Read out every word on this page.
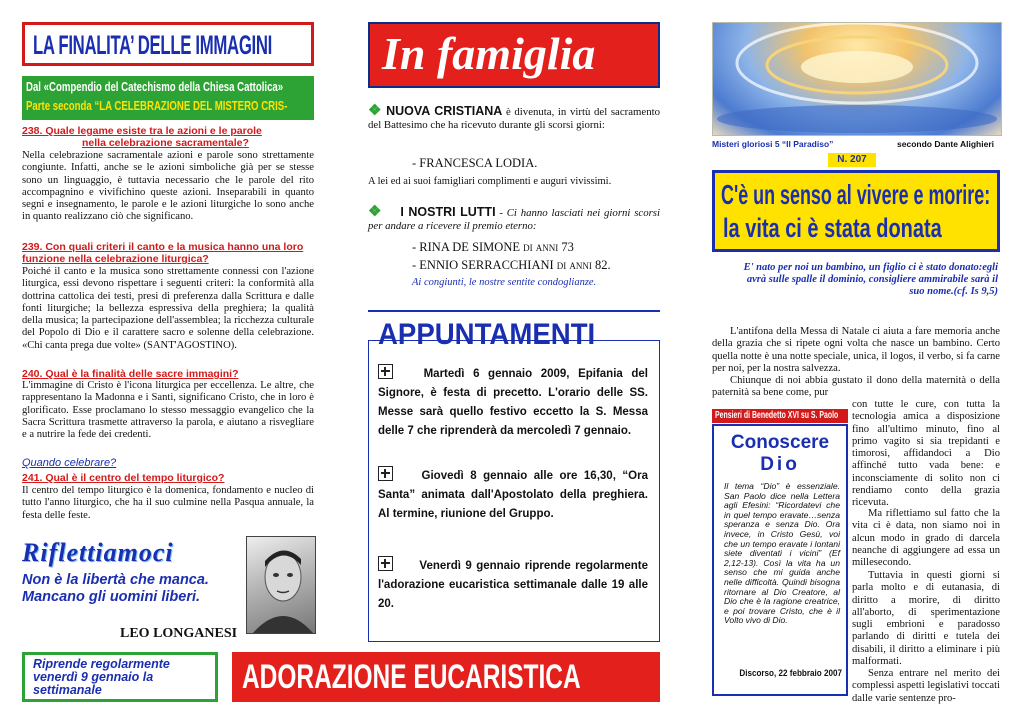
LA FINALITA’ DELLE IMMAGINI
Dal «Compendio del Catechismo della Chiesa Cattolica»
Parte seconda “LA CELEBRAZIONE DEL MISTERO CRIS-
238. Quale legame esiste tra le azioni e le parole
nella celebrazione sacramentale?
Nella celebrazione sacramentale azioni e parole sono strettamente congiunte. Infatti, anche se le azioni simboliche già per se stesse sono un linguaggio, è tuttavia necessario che le parole del rito accompagnino e vivifichino queste azioni. Inseparabili in quanto segni e insegnamento, le parole e le azioni liturgiche lo sono anche in quanto realizzano ciò che significano.
239. Con quali criteri il canto e la musica hanno una loro funzione nella celebrazione liturgica?
Poiché il canto e la musica sono strettamente connessi con l'azione liturgica, essi devono rispettare i seguenti criteri: la conformità alla dottrina cattolica dei testi, presi di preferenza dalla Scrittura e dalle fonti liturgiche; la bellezza espressiva della preghiera; la qualità della musica; la partecipazione dell'assemblea; la ricchezza culturale del Popolo di Dio e il carattere sacro e solenne della celebrazione. «Chi canta prega due volte» (SANT'AGOSTINO).
240. Qual è la finalità delle sacre immagini?
L'immagine di Cristo è l'icona liturgica per eccellenza. Le altre, che rappresentano la Madonna e i Santi, significano Cristo, che in loro è glorificato. Esse proclamano lo stesso messaggio evangelico che la Sacra Scrittura trasmette attraverso la parola, e aiutano a risvegliare e a nutrire la fede dei credenti.
Quando celebrare?
241. Qual è il centro del tempo liturgico?
Il centro del tempo liturgico è la domenica, fondamento e nucleo di tutto l'anno liturgico, che ha il suo culmine nella Pasqua annuale, la festa delle feste.
Riflettiamoci
Non è la libertà che manca. Mancano gli uomini liberi.
LEO LONGANESI
Riprende regolarmente venerdì 9 gennaio la settimanale	ADORAZIONE EUCARISTICA
In famiglia
❖ NUOVA CRISTIANA è divenuta, in virtù del sacramento del Battesimo che ha ricevuto durante gli scorsi giorni:
- FRANCESCA LODIA.
A lei ed ai suoi famigliari complimenti e auguri vivissimi.
❖ I NOSTRI LUTTI - Ci hanno lasciati nei giorni scorsi per andare a ricevere il premio eterno:
- RINA DE SIMONE di anni 73
- ENNIO SERRACCHIANI di anni 82.
Ai congiunti, le nostre sentite condoglianze.
APPUNTAMENTI
Martedì 6 gennaio 2009, Epifania del Signore, è festa di precetto. L'orario delle SS. Messe sarà quello festivo eccetto la S. Messa delle 7 che riprenderà da mercoledì 7 gennaio.
Giovedì 8 gennaio alle ore 16,30, “Ora Santa” animata dall'Apostolato della preghiera. Al termine, riunione del Gruppo.
Venerdì 9 gennaio riprende regolarmente l'adorazione eucaristica settimanale dalle 19 alle 20.
Misteri gloriosi 5 “Il Paradiso”	secondo Dante Alighieri
N. 207
C'è un senso al vivere e morire:
la vita ci è stata donata
E' nato per noi un bambino, un figlio ci è stato donato:egli avrà sulle spalle il dominio, consigliere ammirabile sarà il suo nome.(cf. Is 9,5)
L'antifona della Messa di Natale ci aiuta a fare memoria anche della grazia che si ripete ogni volta che nasce un bambino. Certo quella notte è una notte speciale, unica, il logos, il verbo, si fa carne per noi, per la nostra salvezza.
Chiunque di noi abbia gustato il dono della maternità o della paternità sa bene come, pur
con tutte le cure, con tutta la tecnologia amica a disposizione fino all'ultimo minuto, fino al primo vagito si sia trepidanti e timorosi, affidandoci a Dio affinché tutto vada bene: e inconsciamente di solito non ci rendiamo conto della grazia ricevuta.
Ma riflettiamo sul fatto che la vita ci è data, non siamo noi in alcun modo in grado di darcela neanche di aggiungere ad essa un millesecondo.
Tuttavia in questi giorni si parla molto e di eutanasia, di diritto a morire, di diritto all'aborto, di sperimentazione sugli embrioni e paradosso parlando di diritti e tutela dei disabili, il diritto a eliminare i più malformati.
Senza entrare nel merito dei complessi aspetti legislativi toccati dalle varie sentenze pro-
Pensieri di Benedetto XVI su S. Paolo
Conoscere
Dio
Il tema “Dio” è essenziale. San Paolo dice nella Lettera agli Efesini: “Ricordatevi che in quel tempo eravate…senza speranza e senza Dio. Ora invece, in Cristo Gesù, voi che un tempo eravate i lontani siete diventati i vicini” (Ef 2,12-13). Così la vita ha un senso che mi guida anche nelle difficoltà. Quindi bisogna ritornare al Dio Creatore, al Dio che è la ragione creatrice, e poi trovare Cristo, che è il Volto vivo di Dio.
Discorso, 22 febbraio 2007
